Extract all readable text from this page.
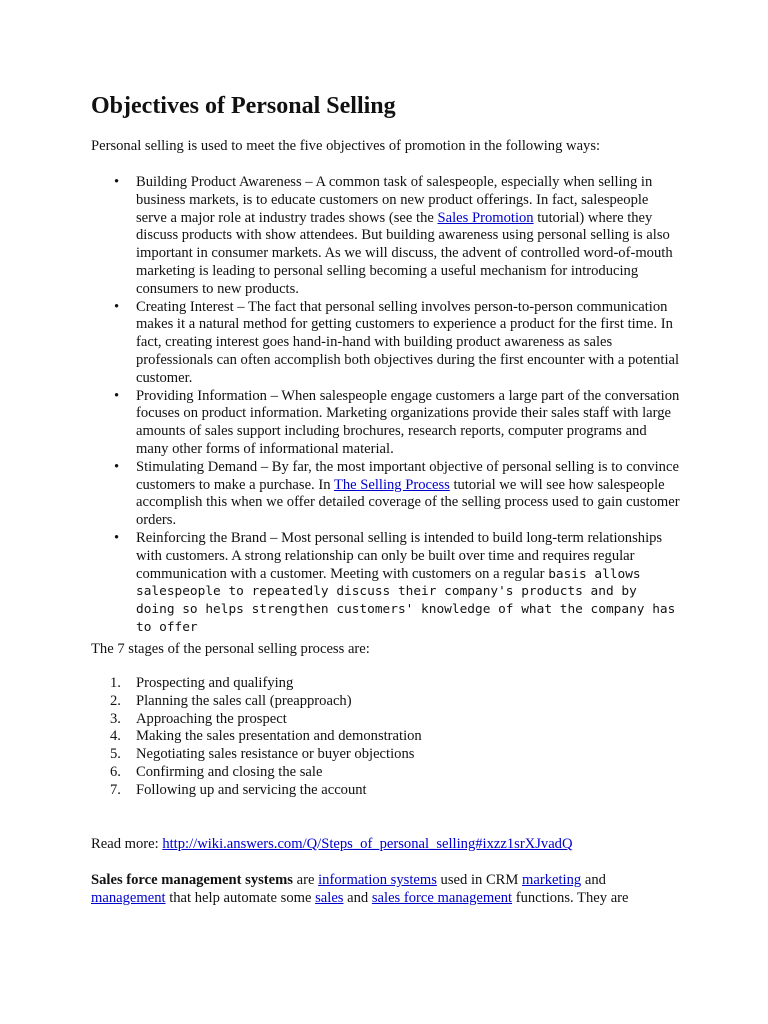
Objectives of Personal Selling

Personal selling is used to meet the five objectives of promotion in the following ways:

• Building Product Awareness – A common task of salespeople, especially when selling in business markets, is to educate customers on new product offerings. In fact, salespeople serve a major role at industry trades shows (see the Sales Promotion tutorial) where they discuss products with show attendees. But building awareness using personal selling is also important in consumer markets. As we will discuss, the advent of controlled word-of-mouth marketing is leading to personal selling becoming a useful mechanism for introducing consumers to new products.
• Creating Interest – The fact that personal selling involves person-to-person communication makes it a natural method for getting customers to experience a product for the first time. In fact, creating interest goes hand-in-hand with building product awareness as sales professionals can often accomplish both objectives during the first encounter with a potential customer.
• Providing Information – When salespeople engage customers a large part of the conversation focuses on product information. Marketing organizations provide their sales staff with large amounts of sales support including brochures, research reports, computer programs and many other forms of informational material.
• Stimulating Demand – By far, the most important objective of personal selling is to convince customers to make a purchase. In The Selling Process tutorial we will see how salespeople accomplish this when we offer detailed coverage of the selling process used to gain customer orders.
• Reinforcing the Brand – Most personal selling is intended to build long-term relationships with customers. A strong relationship can only be built over time and requires regular communication with a customer. Meeting with customers on a regular basis allows salespeople to repeatedly discuss their company's products and by doing so helps strengthen customers' knowledge of what the company has to offer

The 7 stages of the personal selling process are:

1. Prospecting and qualifying
2. Planning the sales call (preapproach)
3. Approaching the prospect
4. Making the sales presentation and demonstration
5. Negotiating sales resistance or buyer objections
6. Confirming and closing the sale
7. Following up and servicing the account

Read more: http://wiki.answers.com/Q/Steps_of_personal_selling#ixzz1srXJvadQ

Sales force management systems are information systems used in CRM marketing and management that help automate some sales and sales force management functions. They are
